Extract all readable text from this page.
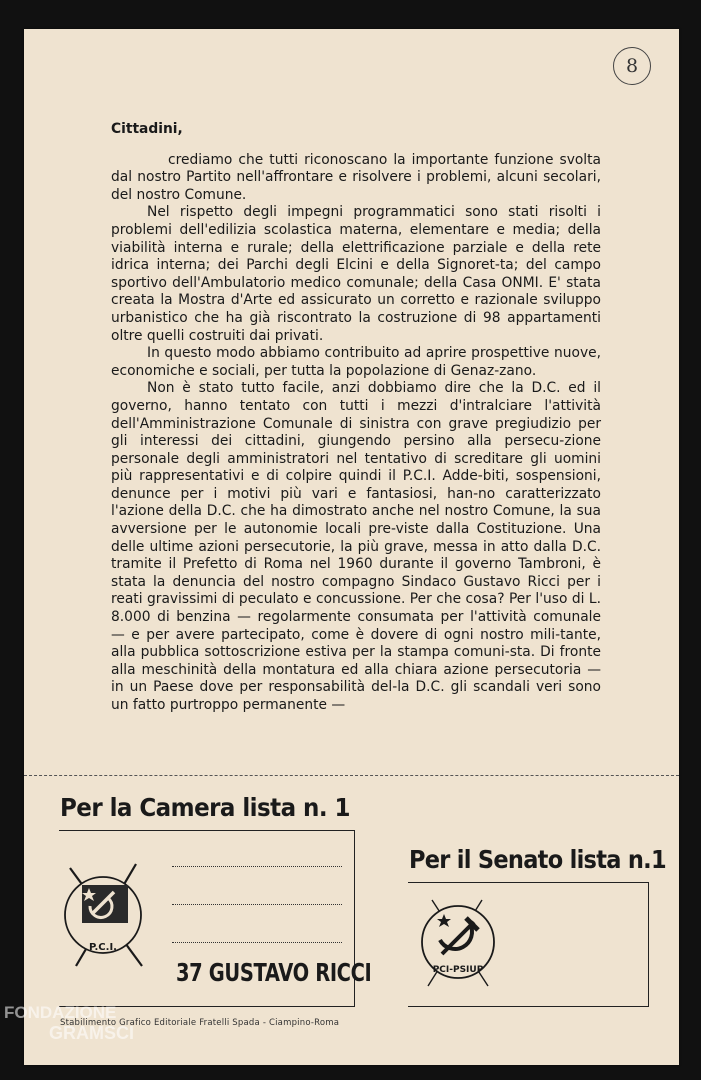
8
Cittadini,

crediamo che tutti riconoscano la importante funzione svolta dal nostro Partito nell'affrontare e risolvere i problemi, alcuni secolari, del nostro Comune.

Nel rispetto degli impegni programmatici sono stati risolti i problemi dell'edilizia scolastica materna, elementare e media; della viabilità interna e rurale; della elettrificazione parziale e della rete idrica interna; dei Parchi degli Elcini e della Signoret-ta; del campo sportivo dell'Ambulatorio medico comunale; della Casa ONMI. E' stata creata la Mostra d'Arte ed assicurato un corretto e razionale sviluppo urbanistico che ha già riscontrato la costruzione di 98 appartamenti oltre quelli costruiti dai privati.

In questo modo abbiamo contribuito ad aprire prospettive nuove, economiche e sociali, per tutta la popolazione di Genaz-zano.

Non è stato tutto facile, anzi dobbiamo dire che la D.C. ed il governo, hanno tentato con tutti i mezzi d'intralciare l'attività dell'Amministrazione Comunale di sinistra con grave pregiudizio per gli interessi dei cittadini, giungendo persino alla persecu-zione personale degli amministratori nel tentativo di screditare gli uomini più rappresentativi e di colpire quindi il P.C.I. Adde-biti, sospensioni, denunce per i motivi più vari e fantasiosi, han-no caratterizzato l'azione della D.C. che ha dimostrato anche nel nostro Comune, la sua avversione per le autonomie locali pre-viste dalla Costituzione. Una delle ultime azioni persecutorie, la più grave, messa in atto dalla D.C. tramite il Prefetto di Roma nel 1960 durante il governo Tambroni, è stata la denuncia del nostro compagno Sindaco Gustavo Ricci per i reati gravissimi di peculato e concussione. Per che cosa? Per l'uso di L. 8.000 di benzina — regolarmente consumata per l'attività comunale — e per avere partecipato, come è dovere di ogni nostro mili-tante, alla pubblica sottoscrizione estiva per la stampa comuni-sta. Di fronte alla meschinità della montatura ed alla chiara azione persecutoria — in un Paese dove per responsabilità del-la D.C. gli scandali veri sono un fatto purtroppo permanente —

Per la Camera lista n. 1
P.C.I.
37 GUSTAVO RICCI
Per il Senato lista n.1
PCI-PSIUP
Stabilimento Grafico Editoriale Fratelli Spada - Ciampino-Roma
FONDAZIONE
GRAMSCI
